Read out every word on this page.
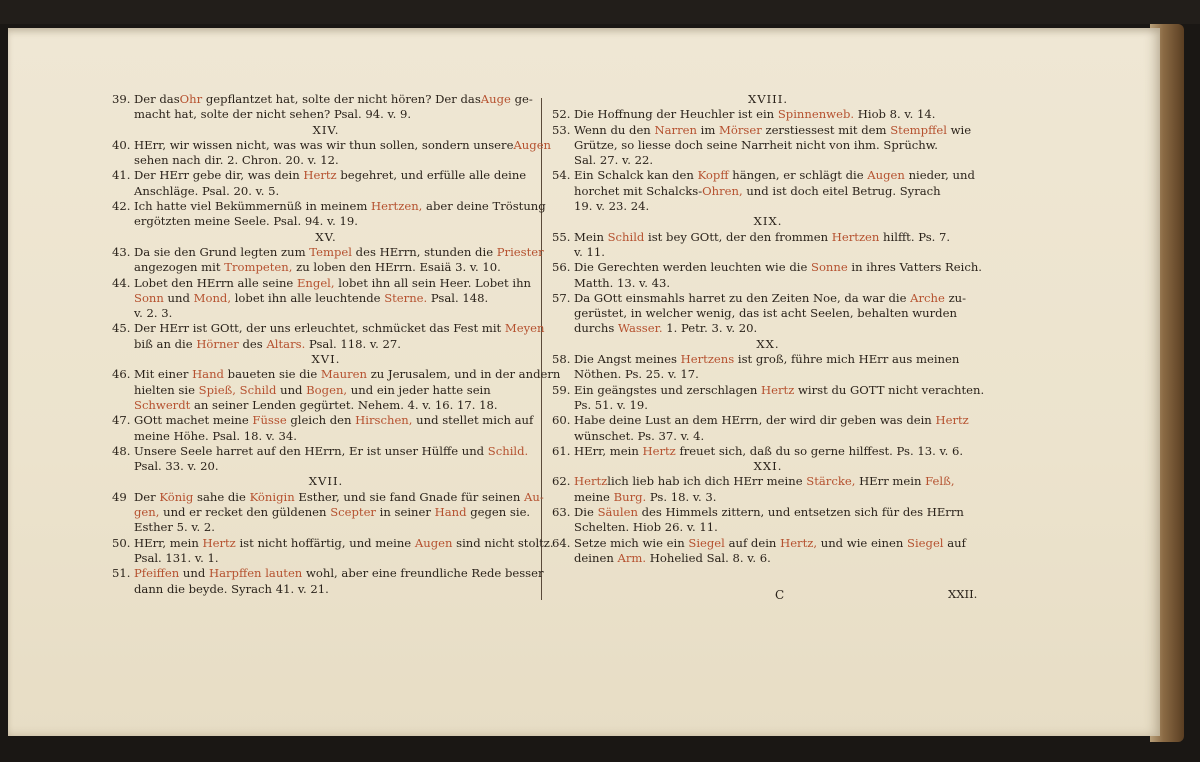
39. Der dasOhr gepflantzet hat, solte der nicht hören? Der dasAuge ge-
macht hat, solte der nicht sehen? Psal. 94. v. 9.
XIV.
40. HErr, wir wissen nicht, was was wir thun sollen, sondern unsereAugen
sehen nach dir. 2. Chron. 20. v. 12.
41. Der HErr gebe dir, was dein Hertz begehret, und erfülle alle deine
Anschläge. Psal. 20. v. 5.
42. Ich hatte viel Bekümmernüß in meinem Hertzen, aber deine Tröstung
ergötzten meine Seele. Psal. 94. v. 19.
XV.
43. Da sie den Grund legten zum Tempel des HErrn, stunden die Priester
angezogen mit Trompeten, zu loben den HErrn. Esaiä 3. v. 10.
44. Lobet den HErrn alle seine Engel, lobet ihn all sein Heer. Lobet ihn
Sonn und Mond, lobet ihn alle leuchtende Sterne. Psal. 148.
v. 2. 3.
45. Der HErr ist GOtt, der uns erleuchtet, schmücket das Fest mit Meyen
biß an die Hörner des Altars. Psal. 118. v. 27.
XVI.
46. Mit einer Hand baueten sie die Mauren zu Jerusalem, und in der andern
hielten sie Spieß, Schild und Bogen, und ein jeder hatte sein
Schwerdt an seiner Lenden gegürtet. Nehem. 4. v. 16. 17. 18.
47. GOtt machet meine Füsse gleich den Hirschen, und stellet mich auf
meine Höhe. Psal. 18. v. 34.
48. Unsere Seele harret auf den HErrn, Er ist unser Hülffe und Schild.
Psal. 33. v. 20.
XVII.
49 Der König sahe die Königin Esther, und sie fand Gnade für seinen Au-
gen, und er recket den güldenen Scepter in seiner Hand gegen sie.
Esther 5. v. 2.
50. HErr, mein Hertz ist nicht hoffärtig, und meine Augen sind nicht stoltz.
Psal. 131. v. 1.
51. Pfeiffen und Harpffen lauten wohl, aber eine freundliche Rede besser
dann die beyde. Syrach 41. v. 21.
XVIII.
52. Die Hoffnung der Heuchler ist ein Spinnenweb. Hiob 8. v. 14.
53. Wenn du den Narren im Mörser zerstiessest mit dem Stempffel wie
Grütze, so liesse doch seine Narrheit nicht von ihm. Sprüchw.
Sal. 27. v. 22.
54. Ein Schalck kan den Kopff hängen, er schlägt die Augen nieder, und
horchet mit Schalcks-Ohren, und ist doch eitel Betrug. Syrach
19. v. 23. 24.
XIX.
55. Mein Schild ist bey GOtt, der den frommen Hertzen hilfft. Ps. 7.
v. 11.
56. Die Gerechten werden leuchten wie die Sonne in ihres Vatters Reich.
Matth. 13. v. 43.
57. Da GOtt einsmahls harret zu den Zeiten Noe, da war die Arche zu-
gerüstet, in welcher wenig, das ist acht Seelen, behalten wurden
durchs Wasser. 1. Petr. 3. v. 20.
XX.
58. Die Angst meines Hertzens ist groß, führe mich HErr aus meinen
Nöthen. Ps. 25. v. 17.
59. Ein geängstes und zerschlagen Hertz wirst du GOTT nicht verachten.
Ps. 51. v. 19.
60. Habe deine Lust an dem HErrn, der wird dir geben was dein Hertz
wünschet. Ps. 37. v. 4.
61. HErr, mein Hertz freuet sich, daß du so gerne hilffest. Ps. 13. v. 6.
XXI.
62. Hertzlich lieb hab ich dich HErr meine Stärcke, HErr mein Felß,
meine Burg. Ps. 18. v. 3.
63. Die Säulen des Himmels zittern, und entsetzen sich für des HErrn
Schelten. Hiob 26. v. 11.
64. Setze mich wie ein Siegel auf dein Hertz, und wie einen Siegel auf
deinen Arm. Hohelied Sal. 8. v. 6.
C	XXII.
